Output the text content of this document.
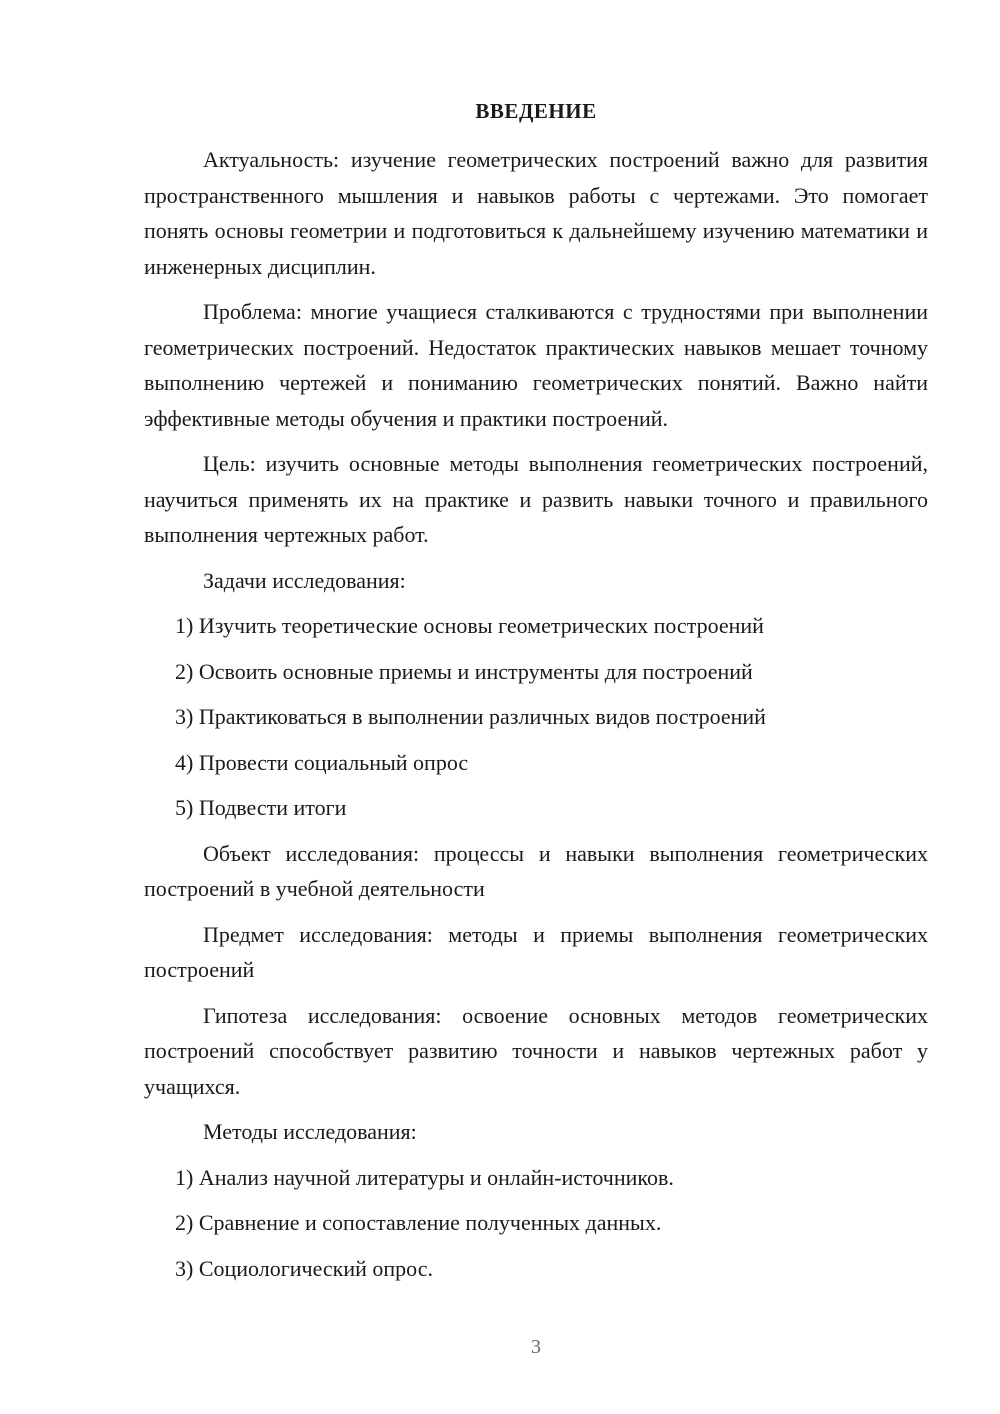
ВВЕДЕНИЕ

Актуальность: изучение геометрических построений важно для развития пространственного мышления и навыков работы с чертежами. Это помогает понять основы геометрии и подготовиться к дальнейшему изучению математики и инженерных дисциплин.

Проблема: многие учащиеся сталкиваются с трудностями при выполнении геометрических построений. Недостаток практических навыков мешает точному выполнению чертежей и пониманию геометрических понятий. Важно найти эффективные методы обучения и практики построений.

Цель: изучить основные методы выполнения геометрических построений, научиться применять их на практике и развить навыки точного и правильного выполнения чертежных работ.

Задачи исследования:

1) Изучить теоретические основы геометрических построений
2) Освоить основные приемы и инструменты для построений
3) Практиковаться в выполнении различных видов построений
4) Провести социальный опрос
5) Подвести итоги

Объект исследования: процессы и навыки выполнения геометрических построений в учебной деятельности

Предмет исследования: методы и приемы выполнения геометрических построений

Гипотеза исследования: освоение основных методов геометрических построений способствует развитию точности и навыков чертежных работ у учащихся.

Методы исследования:

1) Анализ научной литературы и онлайн-источников.
2) Сравнение и сопоставление полученных данных.
3) Социологический опрос.
3
